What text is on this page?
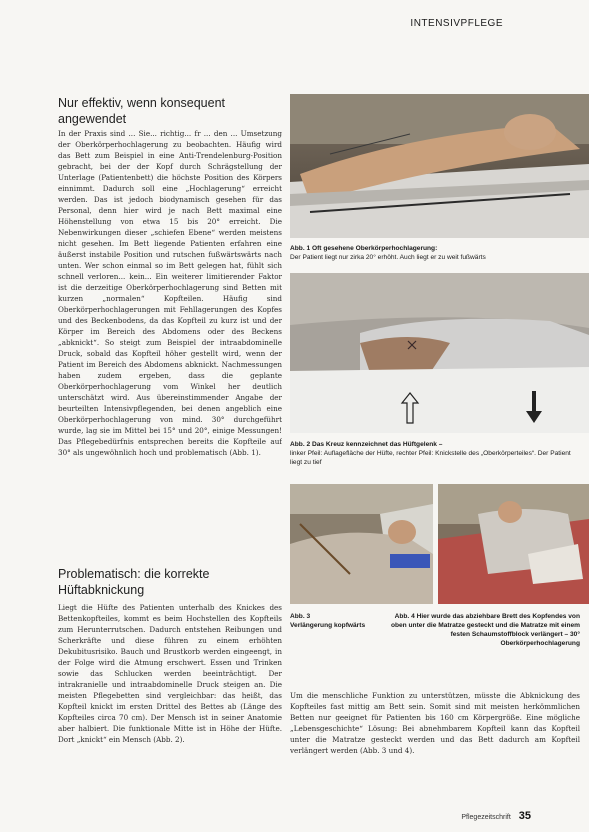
INTENSIVPFLEGE
Nur effektiv, wenn konsequent angewendet

In der Praxis sind ... Sie... richtig... fr ... den ... Umsetzung der Oberkörperhochlagerung zu beobachten. Häufig wird das Bett zum Beispiel in eine Anti-Trendelenburg-Position gebracht, bei der der Kopf durch Schrägstellung der Unterlage (Patientenbett) die höchste Position des Körpers einnimmt. Dadurch soll eine „Hochlagerung“ erreicht werden. Das ist jedoch biodynamisch gesehen für das Personal, denn hier wird je nach Bett maximal eine Höhenstellung von etwa 15 bis 20° erreicht. Die Nebenwirkungen dieser „schiefen Ebene“ werden meistens nicht gesehen. Im Bett liegende Patienten erfahren eine äußerst instabile Position und rutschen fußwärtswärts nach unten. Wer schon einmal so im Bett gelegen hat, fühlt sich schnell verloren... kein... Ein weiterer limitierender Faktor ist die derzeitige Oberkörperhochlagerung sind Betten mit kurzen „normalen“ Kopfteilen. Häufig sind Oberkörperhochlagerungen mit Fehllagerungen des Kopfes und des Beckenbodens, da das Kopfteil zu kurz ist und der Körper im Bereich des Abdomens oder des Beckens „abknickt“. So steigt zum Beispiel der intraabdominelle Druck, sobald das Kopfteil höher gestellt wird, wenn der Patient im Bereich des Abdomens abknickt. Nachmessungen haben zudem ergeben, dass die geplante Oberkörperhochlagerung vom Winkel her deutlich unterschätzt wird. Aus übereinstimmender Angabe der beurteilten Intensivpflegenden, bei denen angeblich eine Oberkörperhochlagerung von mind. 30° durchgeführt wurde, lag sie im Mittel bei 15° und 20°, einige Messungen! Das Pflegebedürfnis entsprechen bereits die Kopfteile auf 30° als ungewöhnlich hoch und problematisch (Abb. 1).

Problematisch: die korrekte Hüftabknickung

Liegt die Hüfte des Patienten unterhalb des Knickes des Bettenkopfteiles, kommt es beim Hochstellen des Kopfteils zum Herunterrutschen. Dadurch entstehen Reibungen und Scherkräfte und diese führen zu einem erhöhten Dekubitusrisiko. Bauch und Brustkorb werden eingeengt, in der Folge wird die Atmung erschwert. Essen und Trinken sowie das Schlucken werden beeinträchtigt. Der intrakranielle und intraabdominelle Druck steigen an. Die meisten Pflegebetten sind vergleichbar: das heißt, das Kopfteil knickt im ersten Drittel des Bettes ab (Länge des Kopfteiles circa 70 cm). Der Mensch ist in seiner Anatomie aber halbiert. Die funktionale Mitte ist in Höhe der Hüfte. Dort „knickt“ ein Mensch (Abb. 2).

Abb. 1 Oft gesehene Oberkörperhochlagerung:
Der Patient liegt nur zirka 20° erhöht. Auch liegt er zu weit fußwärts
Abb. 2 Das Kreuz kennzeichnet das Hüftgelenk –
linker Pfeil: Auflagefläche der Hüfte, rechter Pfeil: Knickstelle des „Oberkörperteiles“. Der Patient liegt zu tief
Abb. 3
Verlängerung kopfwärts
Abb. 4 Hier wurde das abziehbare Brett des Kopfendes von oben unter die Matratze gesteckt und die Matratze mit einem festen Schaumstoffblock verlängert – 30° Oberkörperhochlagerung

Um die menschliche Funktion zu unterstützen, müsste die Abknickung des Kopfteiles fast mittig am Bett sein. Somit sind mit meisten herkömmlichen Betten nur geeignet für Patienten bis 160 cm Körpergröße. Eine mögliche „Lebensgeschichte“ Lösung: Bei abnehmbarem Kopfteil kann das Kopfteil unter die Matratze gesteckt werden und das Bett dadurch am Kopfteil verlängert werden (Abb. 3 und 4).

Pflegezeitschrift 35
